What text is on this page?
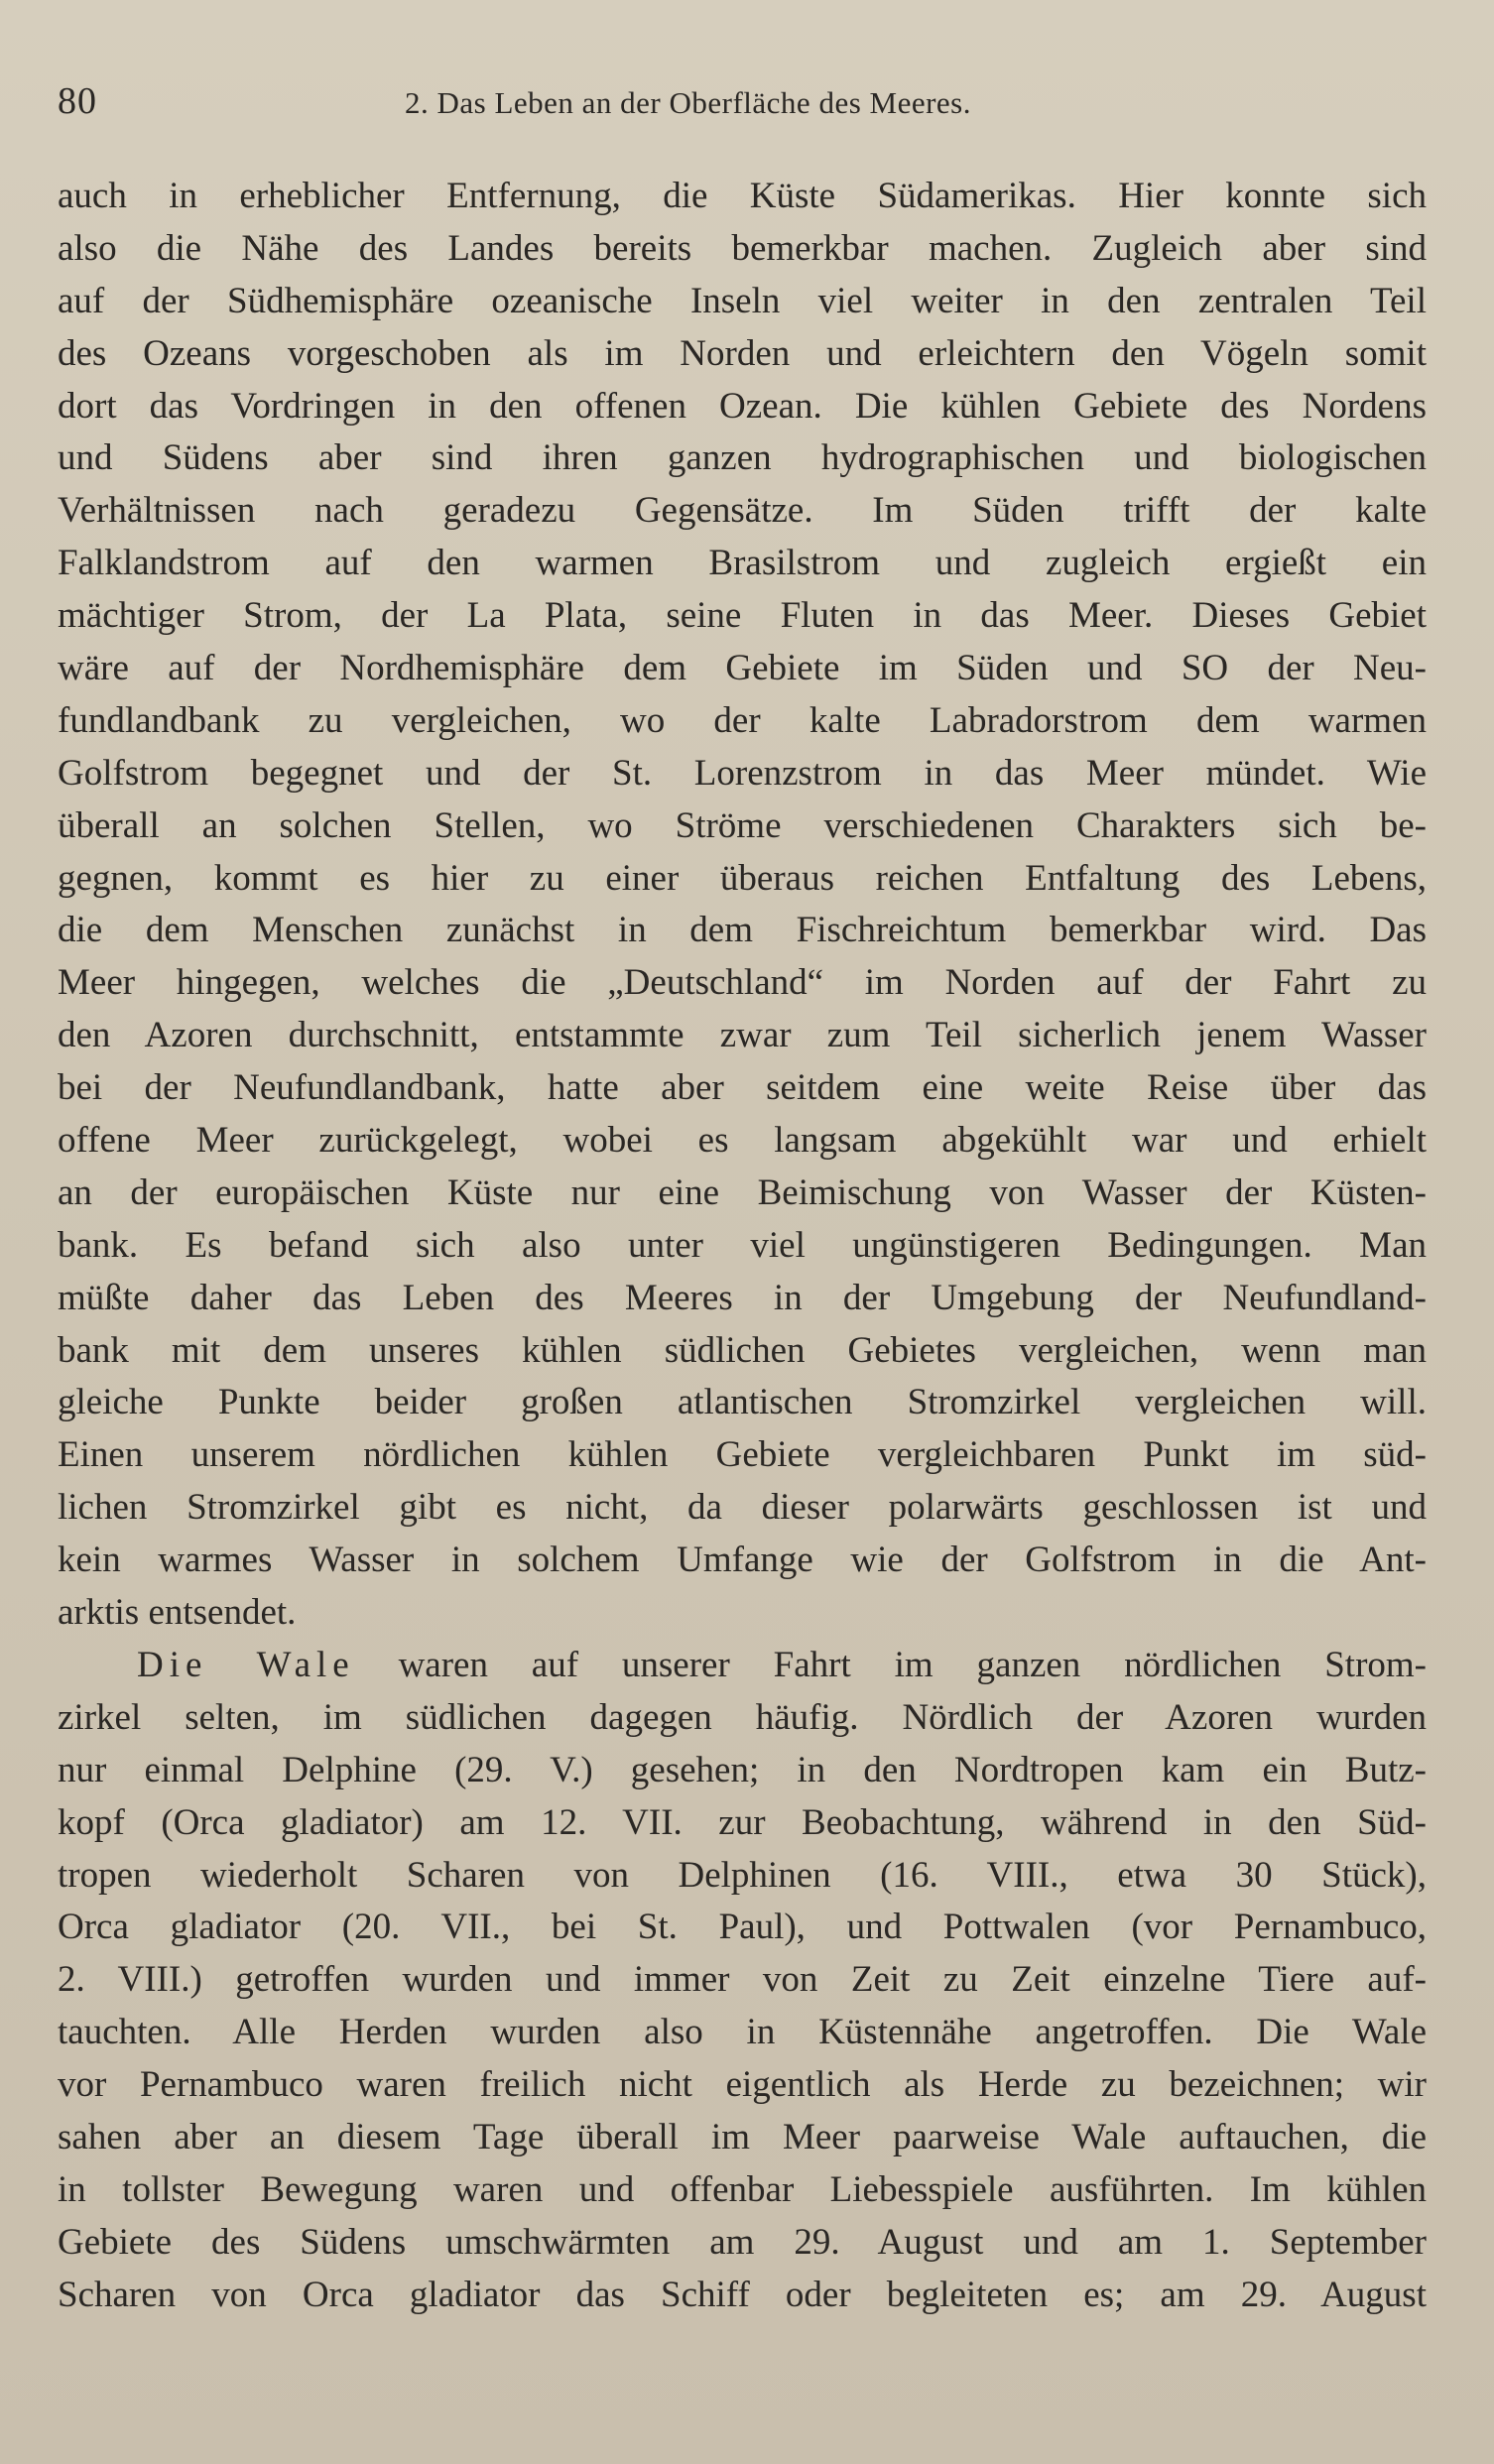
80	2. Das Leben an der Oberfläche des Meeres.
auch in erheblicher Entfernung, die Küste Südamerikas. Hier konnte sich
also die Nähe des Landes bereits bemerkbar machen. Zugleich aber sind
auf der Südhemisphäre ozeanische Inseln viel weiter in den zentralen Teil
des Ozeans vorgeschoben als im Norden und erleichtern den Vögeln somit
dort das Vordringen in den offenen Ozean. Die kühlen Gebiete des Nordens
und Südens aber sind ihren ganzen hydrographischen und biologischen
Verhältnissen nach geradezu Gegensätze. Im Süden trifft der kalte
Falklandstrom auf den warmen Brasilstrom und zugleich ergießt ein
mächtiger Strom, der La Plata, seine Fluten in das Meer. Dieses Gebiet
wäre auf der Nordhemisphäre dem Gebiete im Süden und SO der Neu-
fundlandbank zu vergleichen, wo der kalte Labradorstrom dem warmen
Golfstrom begegnet und der St. Lorenzstrom in das Meer mündet. Wie
überall an solchen Stellen, wo Ströme verschiedenen Charakters sich be-
gegnen, kommt es hier zu einer überaus reichen Entfaltung des Lebens,
die dem Menschen zunächst in dem Fischreichtum bemerkbar wird. Das
Meer hingegen, welches die „Deutschland“ im Norden auf der Fahrt zu
den Azoren durchschnitt, entstammte zwar zum Teil sicherlich jenem Wasser
bei der Neufundlandbank, hatte aber seitdem eine weite Reise über das
offene Meer zurückgelegt, wobei es langsam abgekühlt war und erhielt
an der europäischen Küste nur eine Beimischung von Wasser der Küsten-
bank. Es befand sich also unter viel ungünstigeren Bedingungen. Man
müßte daher das Leben des Meeres in der Umgebung der Neufundland-
bank mit dem unseres kühlen südlichen Gebietes vergleichen, wenn man
gleiche Punkte beider großen atlantischen Stromzirkel vergleichen will.
Einen unserem nördlichen kühlen Gebiete vergleichbaren Punkt im süd-
lichen Stromzirkel gibt es nicht, da dieser polarwärts geschlossen ist und
kein warmes Wasser in solchem Umfange wie der Golfstrom in die Ant-
arktis entsendet.
Die Wale waren auf unserer Fahrt im ganzen nördlichen Strom-
zirkel selten, im südlichen dagegen häufig. Nördlich der Azoren wurden
nur einmal Delphine (29. V.) gesehen; in den Nordtropen kam ein Butz-
kopf (Orca gladiator) am 12. VII. zur Beobachtung, während in den Süd-
tropen wiederholt Scharen von Delphinen (16. VIII., etwa 30 Stück),
Orca gladiator (20. VII., bei St. Paul), und Pottwalen (vor Pernambuco,
2. VIII.) getroffen wurden und immer von Zeit zu Zeit einzelne Tiere auf-
tauchten. Alle Herden wurden also in Küstennähe angetroffen. Die Wale
vor Pernambuco waren freilich nicht eigentlich als Herde zu bezeichnen; wir
sahen aber an diesem Tage überall im Meer paarweise Wale auftauchen, die
in tollster Bewegung waren und offenbar Liebesspiele ausführten. Im kühlen
Gebiete des Südens umschwärmten am 29. August und am 1. September
Scharen von Orca gladiator das Schiff oder begleiteten es; am 29. August
